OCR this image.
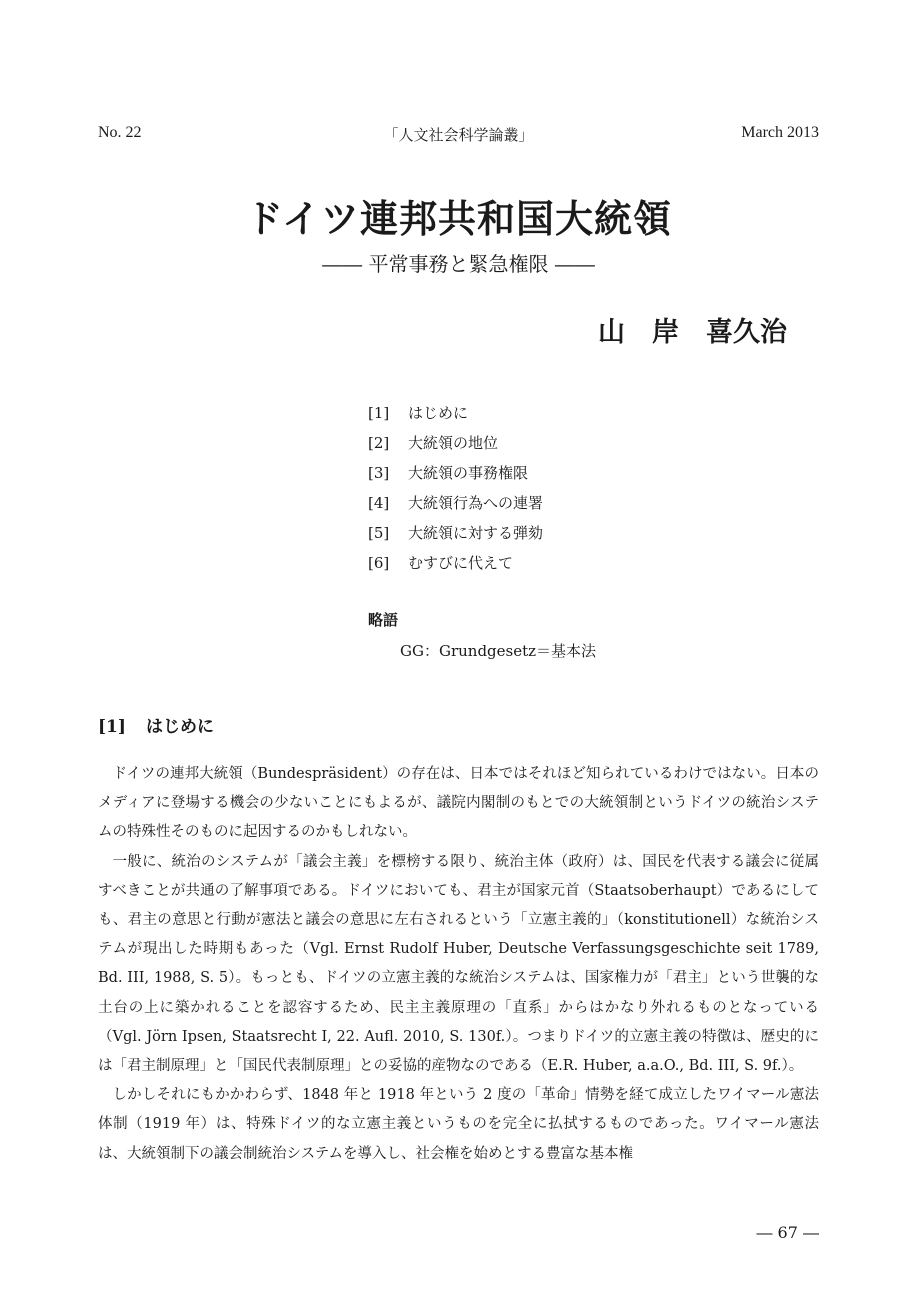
No. 22	「人文社会科学論叢」	March 2013
ドイツ連邦共和国大統領
―― 平常事務と緊急権限 ――
山　岸　喜久治
[1] はじめに
[2] 大統領の地位
[3] 大統領の事務権限
[4] 大統領行為への連署
[5] 大統領に対する弾劾
[6] むすびに代えて
略語
GG：Grundgesetz＝基本法
[1] はじめに

ドイツの連邦大統領（Bundespräsident）の存在は、日本ではそれほど知られているわけではない。日本のメディアに登場する機会の少ないことにもよるが、議院内閣制のもとでの大統領制というドイツの統治システムの特殊性そのものに起因するのかもしれない。

一般に、統治のシステムが「議会主義」を標榜する限り、統治主体（政府）は、国民を代表する議会に従属すべきことが共通の了解事項である。ドイツにおいても、君主が国家元首（Staatsoberhaupt）であるにしても、君主の意思と行動が憲法と議会の意思に左右されるという「立憲主義的」（konstitutionell）な統治システムが現出した時期もあった（Vgl. Ernst Rudolf Huber, Deutsche Verfassungsgeschichte seit 1789, Bd. III, 1988, S. 5）。もっとも、ドイツの立憲主義的な統治システムは、国家権力が「君主」という世襲的な土台の上に築かれることを認容するため、民主主義原理の「直系」からはかなり外れるものとなっている（Vgl. Jörn Ipsen, Staatsrecht I, 22. Aufl. 2010, S. 130f.）。つまりドイツ的立憲主義の特徴は、歴史的には「君主制原理」と「国民代表制原理」との妥協的産物なのである（E.R. Huber, a.a.O., Bd. III, S. 9f.）。

しかしそれにもかかわらず、1848 年と 1918 年という 2 度の「革命」情勢を経て成立したワイマール憲法体制（1919 年）は、特殊ドイツ的な立憲主義というものを完全に払拭するものであった。ワイマール憲法は、大統領制下の議会制統治システムを導入し、社会権を始めとする豊富な基本権

― 67 ―
